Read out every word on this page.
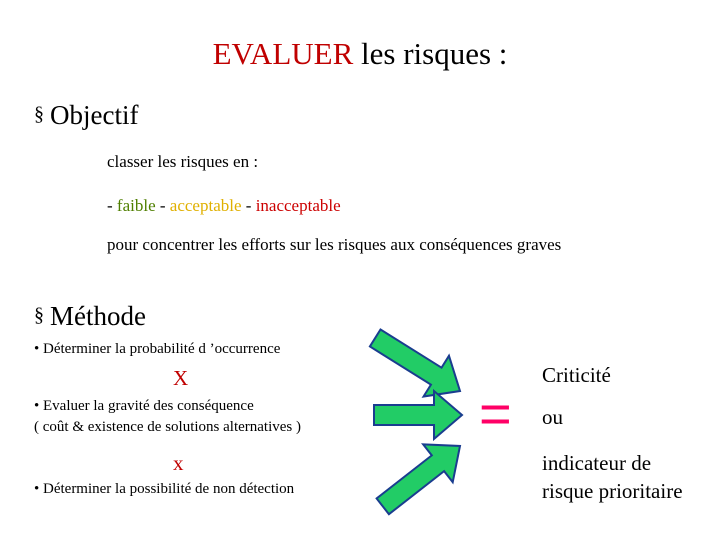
EVALUER les risques :
§ Objectif
classer les risques en :
- faible - acceptable - inacceptable
pour concentrer les efforts sur les risques aux conséquences graves
§ Méthode
• Déterminer la probabilité d ’occurrence
X
• Evaluer la gravité des conséquence
( coût & existence de solutions alternatives )
x
• Déterminer la possibilité de non détection
=
Criticité
ou
indicateur de
risque prioritaire
